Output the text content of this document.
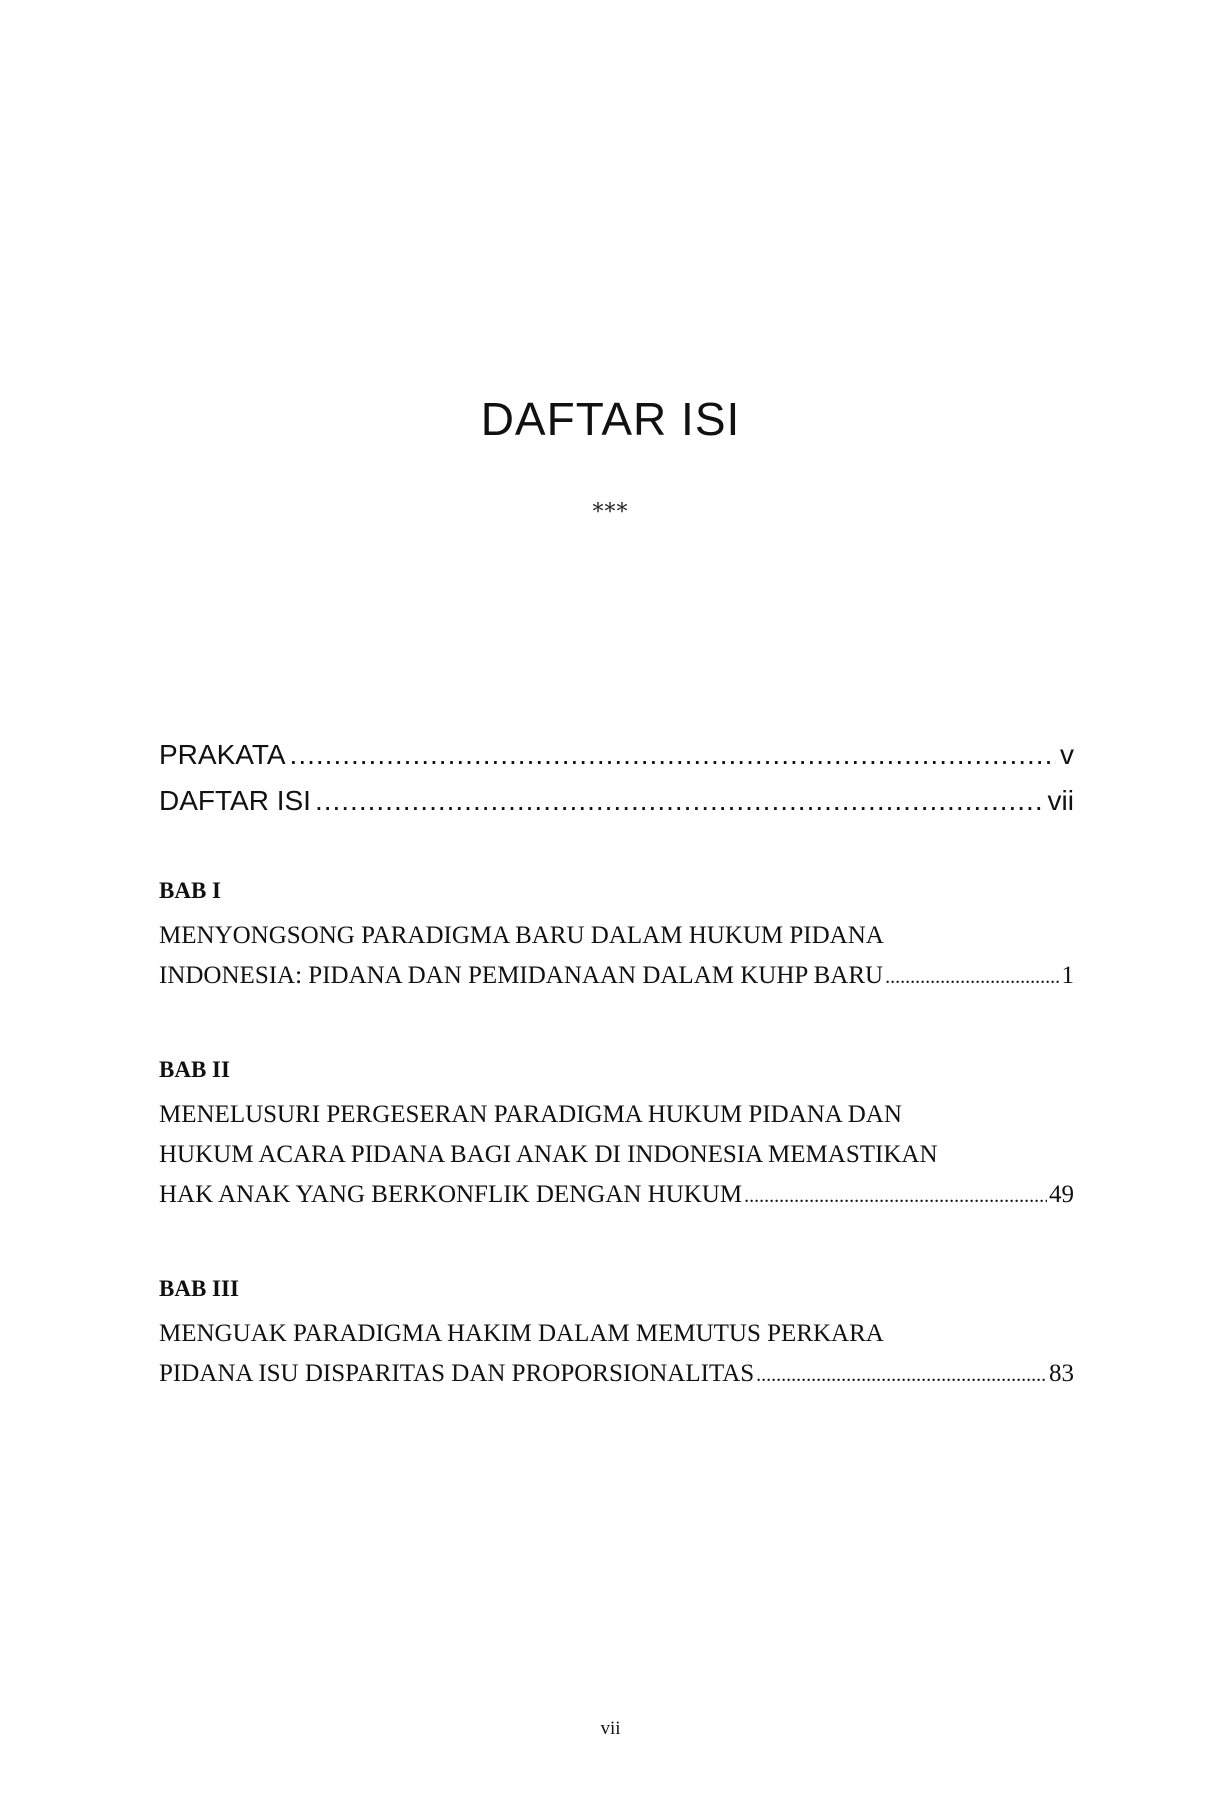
DAFTAR ISI
***
PRAKATA .....	v
DAFTAR ISI .....	vii
BAB I
MENYONGSONG PARADIGMA BARU DALAM HUKUM PIDANA
INDONESIA: PIDANA DAN PEMIDANAAN DALAM KUHP BARU .....	1
BAB II
MENELUSURI PERGESERAN PARADIGMA HUKUM PIDANA DAN
HUKUM ACARA PIDANA BAGI ANAK DI INDONESIA MEMASTIKAN
HAK ANAK YANG BERKONFLIK DENGAN HUKUM .....	49
BAB III
MENGUAK PARADIGMA HAKIM DALAM MEMUTUS PERKARA
PIDANA ISU DISPARITAS DAN PROPORSIONALITAS .....	83
vii
